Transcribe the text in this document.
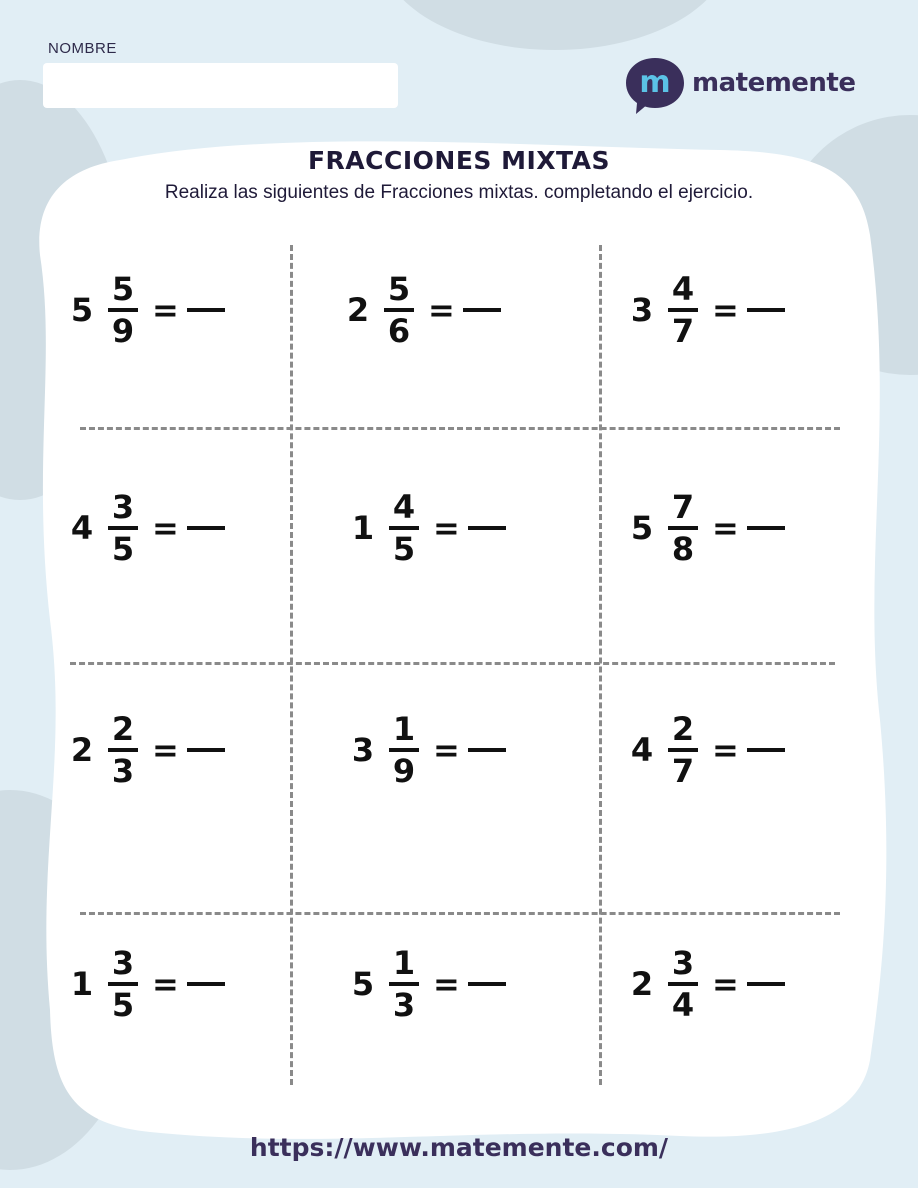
NOMBRE
m matemente
FRACCIONES MIXTAS
Realiza las siguientes de Fracciones mixtas. completando el ejercicio.
$5 \frac{5}{9}$ =	$2 \frac{5}{6}$ =	$3 \frac{4}{7}$ =
$4 \frac{3}{5}$ =	$1 \frac{4}{5}$ =	$5 \frac{7}{8}$ =
$2 \frac{2}{3}$ =	$3 \frac{1}{9}$ =	$4 \frac{2}{7}$ =
$1 \frac{3}{5}$ =	$5 \frac{1}{3}$ =	$2 \frac{3}{4}$ =
https://www.matemente.com/
